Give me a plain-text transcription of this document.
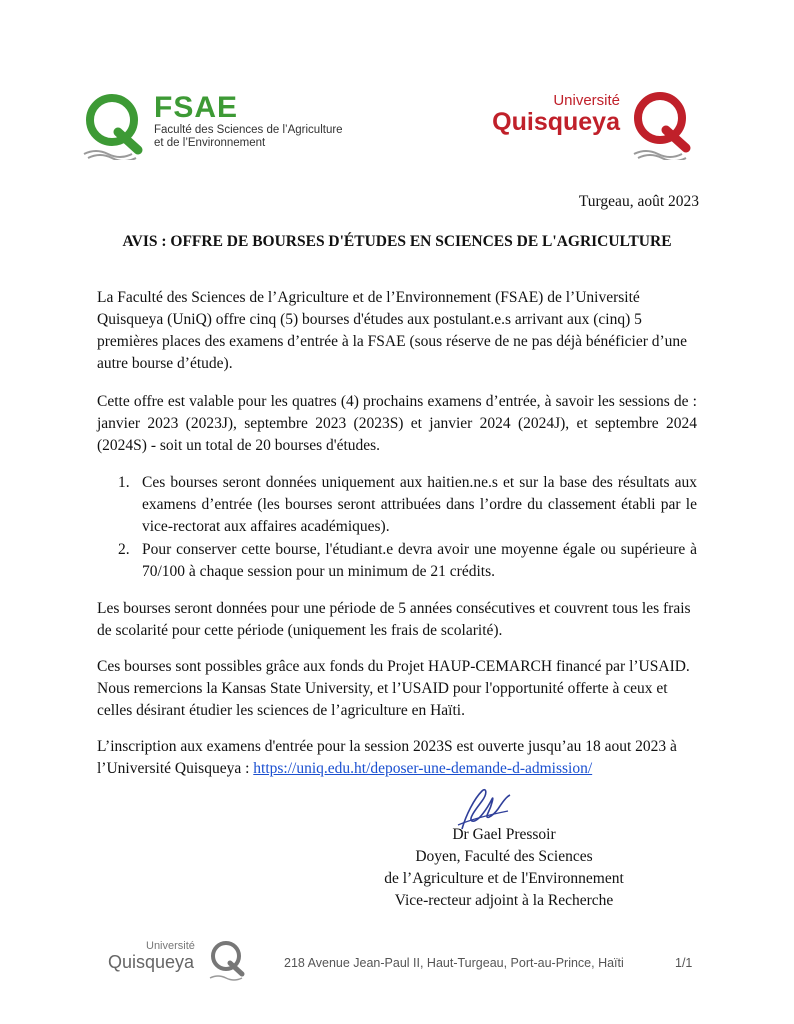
FSAE
Faculté des Sciences de l’Agriculture
et de l’Environnement
Université
Quisqueya
Turgeau, août 2023
AVIS : OFFRE DE BOURSES D'ÉTUDES EN SCIENCES DE L'AGRICULTURE

La Faculté des Sciences de l’Agriculture et de l’Environnement (FSAE) de l’Université Quisqueya (UniQ) offre cinq (5) bourses d'études aux postulant.e.s arrivant aux (cinq) 5 premières places des examens d’entrée à la FSAE (sous réserve de ne pas déjà bénéficier d’une autre bourse d’étude).

Cette offre est valable pour les quatres (4) prochains examens d’entrée, à savoir les sessions de : janvier 2023 (2023J), septembre 2023 (2023S) et janvier 2024 (2024J), et septembre 2024 (2024S) - soit un total de 20 bourses d'études.

1. Ces bourses seront données uniquement aux haitien.ne.s et sur la base des résultats aux examens d’entrée (les bourses seront attribuées dans l’ordre du classement établi par le vice-rectorat aux affaires académiques).
2. Pour conserver cette bourse, l'étudiant.e devra avoir une moyenne égale ou supérieure à 70/100 à chaque session pour un minimum de 21 crédits.

Les bourses seront données pour une période de 5 années consécutives et couvrent tous les frais de scolarité pour cette période (uniquement les frais de scolarité).

Ces bourses sont possibles grâce aux fonds du Projet HAUP-CEMARCH financé par l’USAID. Nous remercions la Kansas State University, et l’USAID pour l'opportunité offerte à ceux et celles désirant étudier les sciences de l’agriculture en Haïti.

L’inscription aux examens d'entrée pour la session 2023S est ouverte jusqu’au 18 aout 2023 à l’Université Quisqueya : https://uniq.edu.ht/deposer-une-demande-d-admission/

Dr Gael Pressoir
Doyen, Faculté des Sciences
de l’Agriculture et de l'Environnement
Vice-recteur adjoint à la Recherche
Université
Quisqueya	218 Avenue Jean-Paul II, Haut-Turgeau, Port-au-Prince, Haïti	1/1
